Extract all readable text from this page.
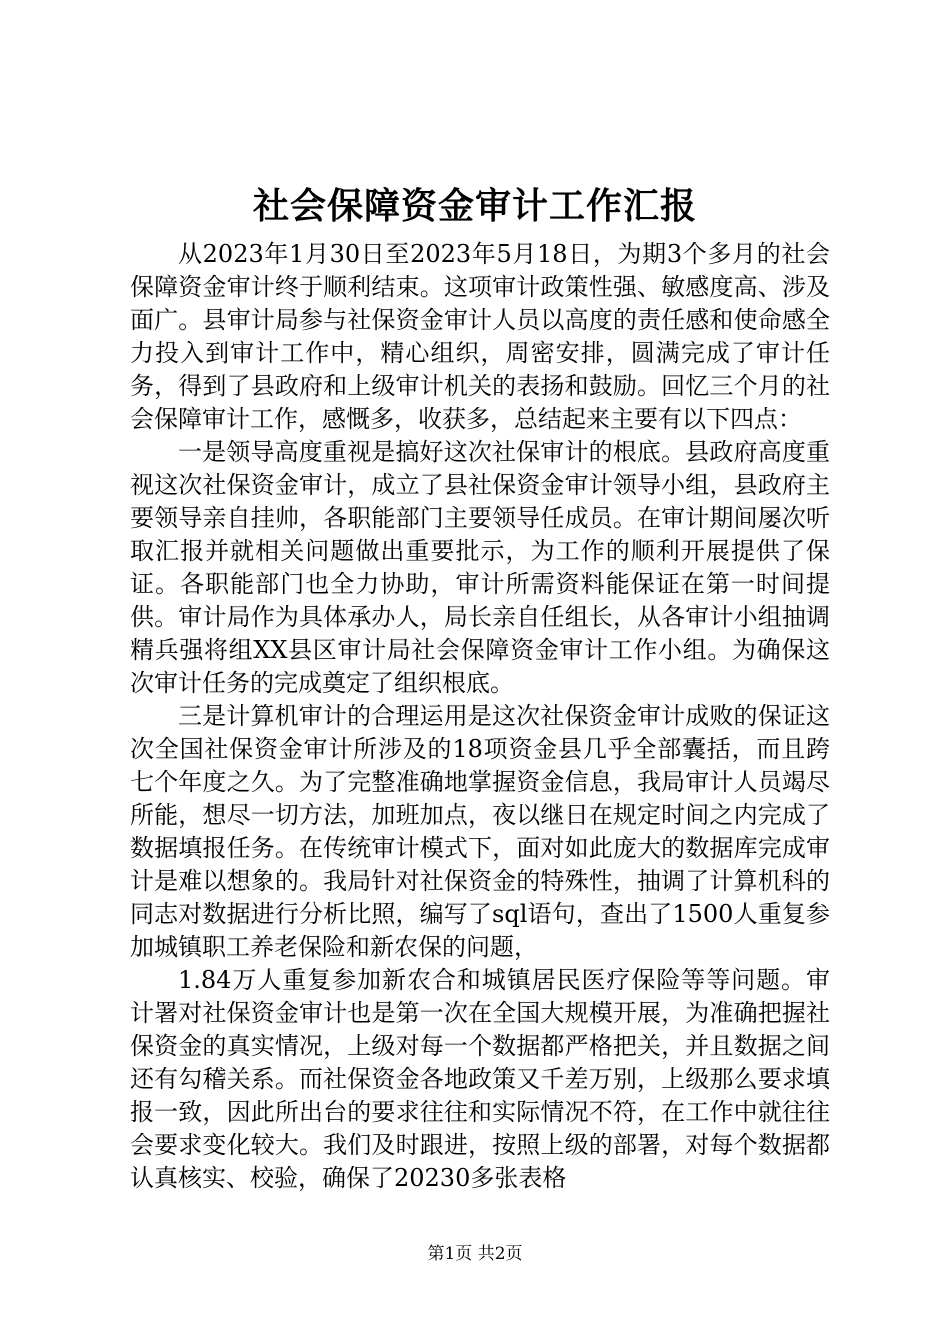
社会保障资金审计工作汇报

从2023年1月30日至2023年5月18日，为期3个多月的社会保障资金审计终于顺利结束。这项审计政策性强、敏感度高、涉及面广。县审计局参与社保资金审计人员以高度的责任感和使命感全力投入到审计工作中，精心组织，周密安排，圆满完成了审计任务，得到了县政府和上级审计机关的表扬和鼓励。回忆三个月的社会保障审计工作，感慨多，收获多，总结起来主要有以下四点：

一是领导高度重视是搞好这次社保审计的根底。县政府高度重视这次社保资金审计，成立了县社保资金审计领导小组，县政府主要领导亲自挂帅，各职能部门主要领导任成员。在审计期间屡次听取汇报并就相关问题做出重要批示，为工作的顺利开展提供了保证。各职能部门也全力协助，审计所需资料能保证在第一时间提供。审计局作为具体承办人，局长亲自任组长，从各审计小组抽调精兵强将组XX县区审计局社会保障资金审计工作小组。为确保这次审计任务的完成奠定了组织根底。

三是计算机审计的合理运用是这次社保资金审计成败的保证这次全国社保资金审计所涉及的18项资金县几乎全部囊括，而且跨七个年度之久。为了完整准确地掌握资金信息，我局审计人员竭尽所能，想尽一切方法，加班加点，夜以继日在规定时间之内完成了数据填报任务。在传统审计模式下，面对如此庞大的数据库完成审计是难以想象的。我局针对社保资金的特殊性，抽调了计算机科的同志对数据进行分析比照，编写了sql语句，查出了1500人重复参加城镇职工养老保险和新农保的问题，

1.84万人重复参加新农合和城镇居民医疗保险等等问题。审计署对社保资金审计也是第一次在全国大规模开展，为准确把握社保资金的真实情况，上级对每一个数据都严格把关，并且数据之间还有勾稽关系。而社保资金各地政策又千差万别，上级那么要求填报一致，因此所出台的要求往往和实际情况不符，在工作中就往往会要求变化较大。我们及时跟进，按照上级的部署，对每个数据都认真核实、校验，确保了20230多张表格

第1页 共2页
